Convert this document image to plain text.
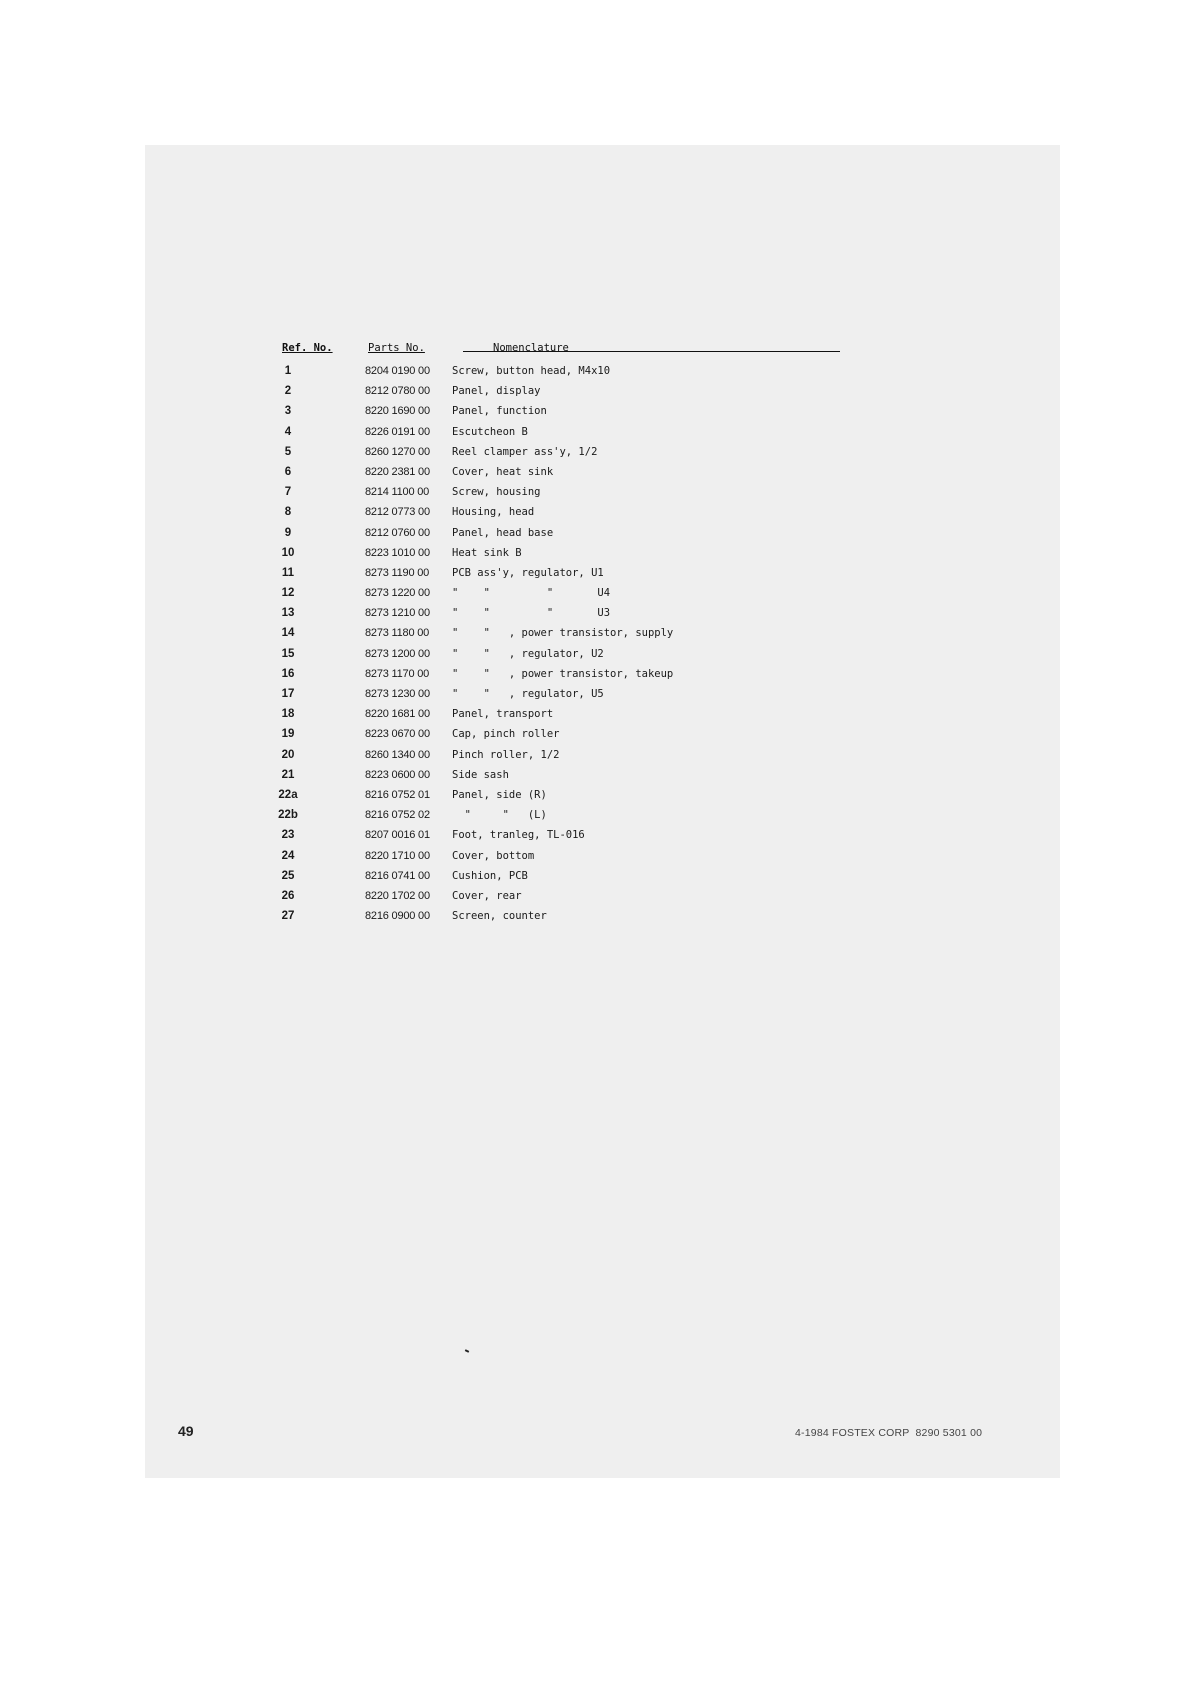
Ref. No.	Parts No.	Nomenclature
1	8204 0190 00 Screw, button head, M4x10
2	8212 0780 00 Panel, display
3	8220 1690 00 Panel, function
4	8226 0191 00 Escutcheon B
5	8260 1270 00 Reel clamper ass'y, 1/2
6	8220 2381 00 Cover, heat sink
7	8214 1100 00 Screw, housing
8	8212 0773 00 Housing, head
9	8212 0760 00 Panel, head base
10	8223 1010 00 Heat sink B
11	8273 1190 00 PCB ass'y, regulator, U1
12	8273 1220 00 "    "         "       U4
13	8273 1210 00 "    "         "       U3
14	8273 1180 00 "    "   , power transistor, supply
15	8273 1200 00 "    "   , regulator, U2
16	8273 1170 00 "    "   , power transistor, takeup
17	8273 1230 00 "    "   , regulator, U5
18	8220 1681 00 Panel, transport
19	8223 0670 00 Cap, pinch roller
20	8260 1340 00 Pinch roller, 1/2
21	8223 0600 00 Side sash
22a	8216 0752 01 Panel, side (R)
22b	8216 0752 02 "     "   (L)
23	8207 0016 01 Foot, tranleg, TL-016
24	8220 1710 00 Cover, bottom
25	8216 0741 00 Cushion, PCB
26	8220 1702 00 Cover, rear
27	8216 0900 00 Screen, counter
49	4-1984 FOSTEX CORP  8290 5301 00
